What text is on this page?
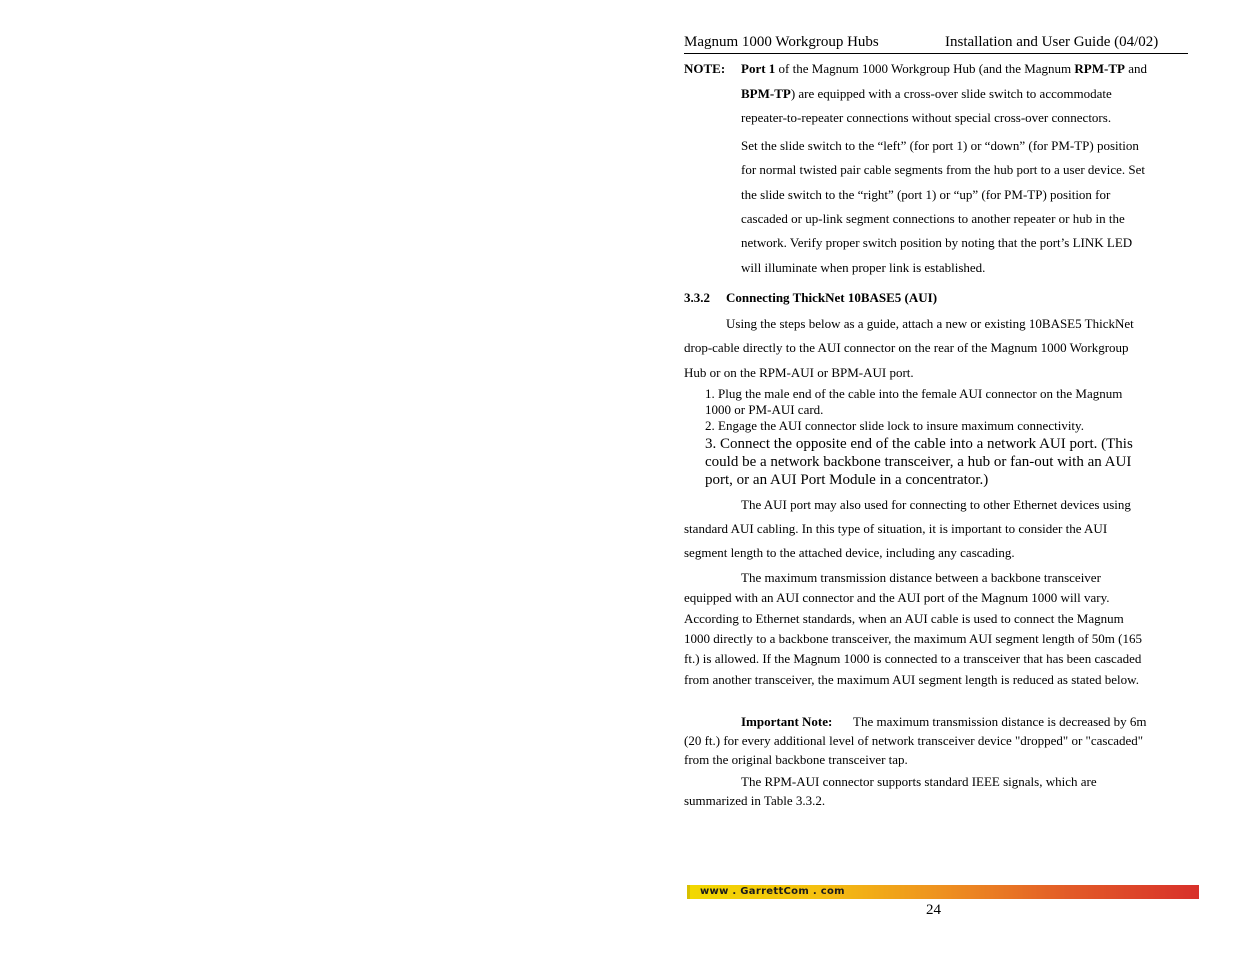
Magnum 1000 Workgroup Hubs	Installation and User Guide (04/02)
NOTE: Port 1 of the Magnum 1000 Workgroup Hub (and the Magnum RPM-TP and
BPM-TP) are equipped with a cross-over slide switch to accommodate
repeater-to-repeater connections without special cross-over connectors.
Set the slide switch to the “left” (for port 1) or “down” (for PM-TP) position
for normal twisted pair cable segments from the hub port to a user device. Set
the slide switch to the “right” (port 1) or “up” (for PM-TP) position for
cascaded or up-link segment connections to another repeater or hub in the
network. Verify proper switch position by noting that the port’s LINK LED
will illuminate when proper link is established.
3.3.2 Connecting ThickNet 10BASE5 (AUI)
Using the steps below as a guide, attach a new or existing 10BASE5 ThickNet
drop-cable directly to the AUI connector on the rear of the Magnum 1000 Workgroup
Hub or on the RPM-AUI or BPM-AUI port.
1. Plug the male end of the cable into the female AUI connector on the Magnum
1000 or PM-AUI card.
2. Engage the AUI connector slide lock to insure maximum connectivity.
3. Connect the opposite end of the cable into a network AUI port. (This
could be a network backbone transceiver, a hub or fan-out with an AUI
port, or an AUI Port Module in a concentrator.)
The AUI port may also used for connecting to other Ethernet devices using
standard AUI cabling. In this type of situation, it is important to consider the AUI
segment length to the attached device, including any cascading.
The maximum transmission distance between a backbone transceiver
equipped with an AUI connector and the AUI port of the Magnum 1000 will vary.
According to Ethernet standards, when an AUI cable is used to connect the Magnum
1000 directly to a backbone transceiver, the maximum AUI segment length of 50m (165
ft.) is allowed. If the Magnum 1000 is connected to a transceiver that has been cascaded
from another transceiver, the maximum AUI segment length is reduced as stated below.
Important Note: The maximum transmission distance is decreased by 6m
(20 ft.) for every additional level of network transceiver device "dropped" or "cascaded"
from the original backbone transceiver tap.
The RPM-AUI connector supports standard IEEE signals, which are
summarized in Table 3.3.2.
www . GarrettCom . com
24
